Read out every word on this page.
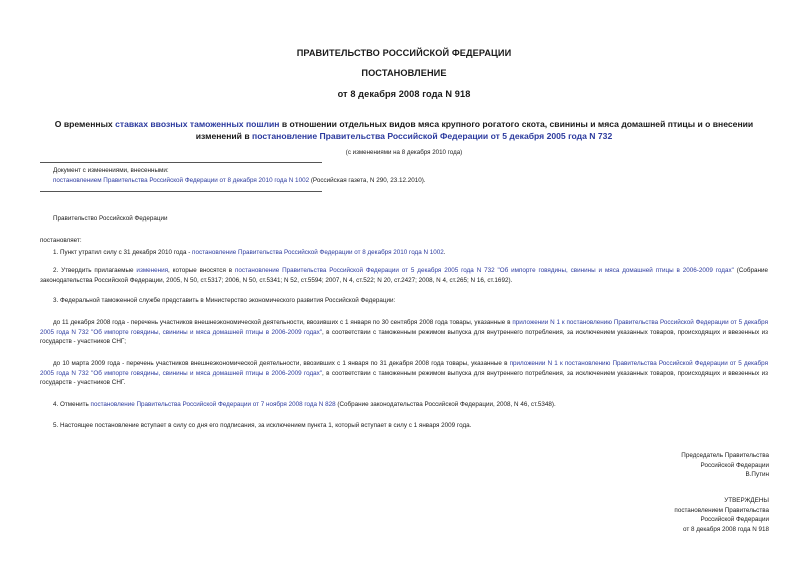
ПРАВИТЕЛЬСТВО РОССИЙСКОЙ ФЕДЕРАЦИИ
ПОСТАНОВЛЕНИЕ
от 8 декабря 2008 года N 918
О временных ставках ввозных таможенных пошлин в отношении отдельных видов мяса крупного рогатого скота, свинины и мяса домашней птицы и о внесении изменений в постановление Правительства Российской Федерации от 5 декабря 2005 года N 732
(с изменениями на 8 декабря 2010 года)
Документ с изменениями, внесенными:
постановлением Правительства Российской Федерации от 8 декабря 2010 года N 1002 (Российская газета, N 290, 23.12.2010).
Правительство Российской Федерации
постановляет:
1. Пункт утратил силу с 31 декабря 2010 года - постановление Правительства Российской Федерации от 8 декабря 2010 года N 1002.
2. Утвердить прилагаемые изменения, которые вносятся в постановление Правительства Российской Федерации от 5 декабря 2005 года N 732 "Об импорте говядины, свинины и мяса домашней птицы в 2006-2009 годах" (Собрание законодательства Российской Федерации, 2005, N 50, ст.5317; 2006, N 50, ст.5341; N 52, ст.5594; 2007, N 4, ст.522; N 20, ст.2427; 2008, N 4, ст.265; N 16, ст.1692).
3. Федеральной таможенной службе представить в Министерство экономического развития Российской Федерации:
до 11 декабря 2008 года - перечень участников внешнеэкономической деятельности, ввозивших с 1 января по 30 сентября 2008 года товары, указанные в приложении N 1 к постановлению Правительства Российской Федерации от 5 декабря 2005 года N 732 "Об импорте говядины, свинины и мяса домашней птицы в 2006-2009 годах", в соответствии с таможенным режимом выпуска для внутреннего потребления, за исключением указанных товаров, происходящих и ввезенных из государств - участников СНГ;
до 10 марта 2009 года - перечень участников внешнеэкономической деятельности, ввозивших с 1 января по 31 декабря 2008 года товары, указанные в приложении N 1 к постановлению Правительства Российской Федерации от 5 декабря 2005 года N 732 "Об импорте говядины, свинины и мяса домашней птицы в 2006-2009 годах", в соответствии с таможенным режимом выпуска для внутреннего потребления, за исключением указанных товаров, происходящих и ввезенных из государств - участников СНГ.
4. Отменить постановление Правительства Российской Федерации от 7 ноября 2008 года N 828 (Собрание законодательства Российской Федерации, 2008, N 46, ст.5348).
5. Настоящее постановление вступает в силу со дня его подписания, за исключением пункта 1, который вступает в силу с 1 января 2009 года.
Председатель Правительства
Российской Федерации
В.Путин
УТВЕРЖДЕНЫ
постановлением Правительства
Российской Федерации
от 8 декабря 2008 года N 918
